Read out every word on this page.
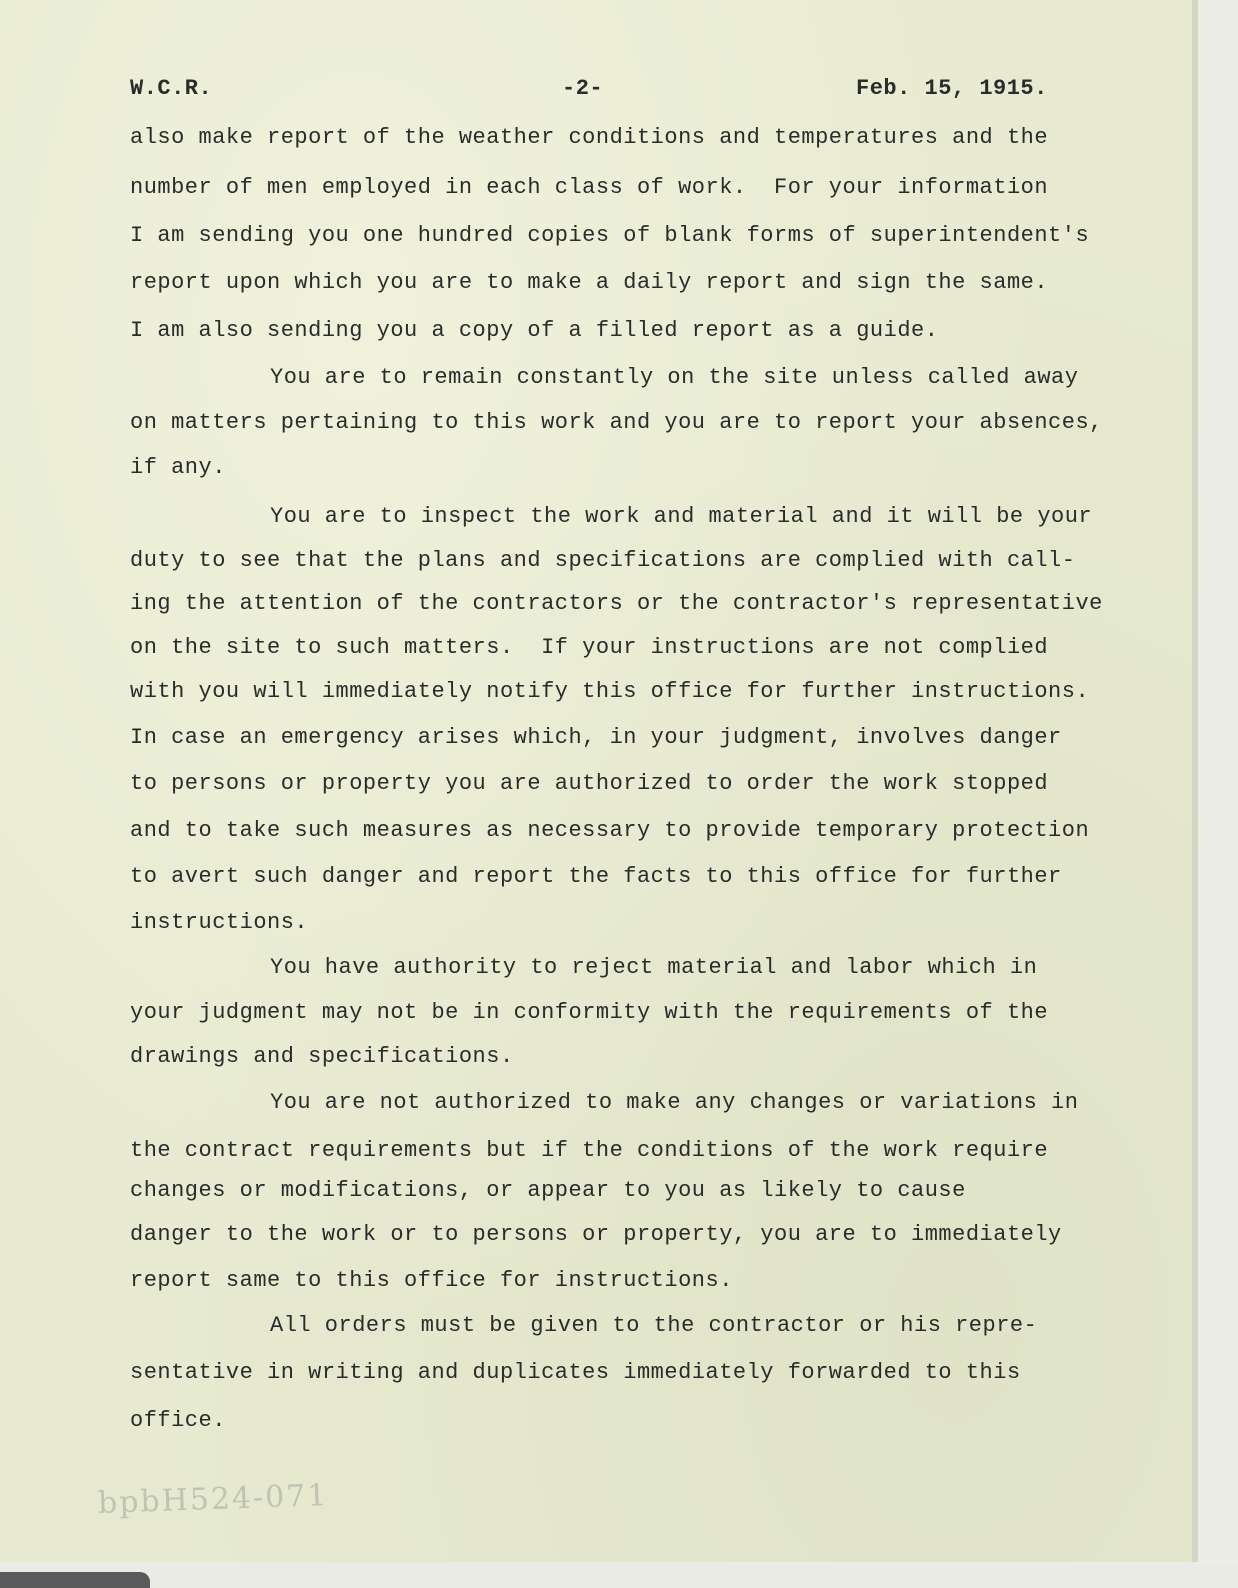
W.C.R.	-2-	Feb. 15, 1915.

also make report of the weather conditions and temperatures and the

number of men employed in each class of work.  For your information

I am sending you one hundred copies of blank forms of superintendent's

report upon which you are to make a daily report and sign the same.

I am also sending you a copy of a filled report as a guide.

You are to remain constantly on the site unless called away

on matters pertaining to this work and you are to report your absences,

if any.

You are to inspect the work and material and it will be your

duty to see that the plans and specifications are complied with call-

ing the attention of the contractors or the contractor's representative

on the site to such matters.  If your instructions are not complied

with you will immediately notify this office for further instructions.

In case an emergency arises which, in your judgment, involves danger

to persons or property you are authorized to order the work stopped

and to take such measures as necessary to provide temporary protection

to avert such danger and report the facts to this office for further

instructions.

You have authority to reject material and labor which in

your judgment may not be in conformity with the requirements of the

drawings and specifications.

You are not authorized to make any changes or variations in

the contract requirements but if the conditions of the work require

changes or modifications, or appear to you as likely to cause

danger to the work or to persons or property, you are to immediately

report same to this office for instructions.

All orders must be given to the contractor or his repre-

sentative in writing and duplicates immediately forwarded to this

office.

bpbH524-071
